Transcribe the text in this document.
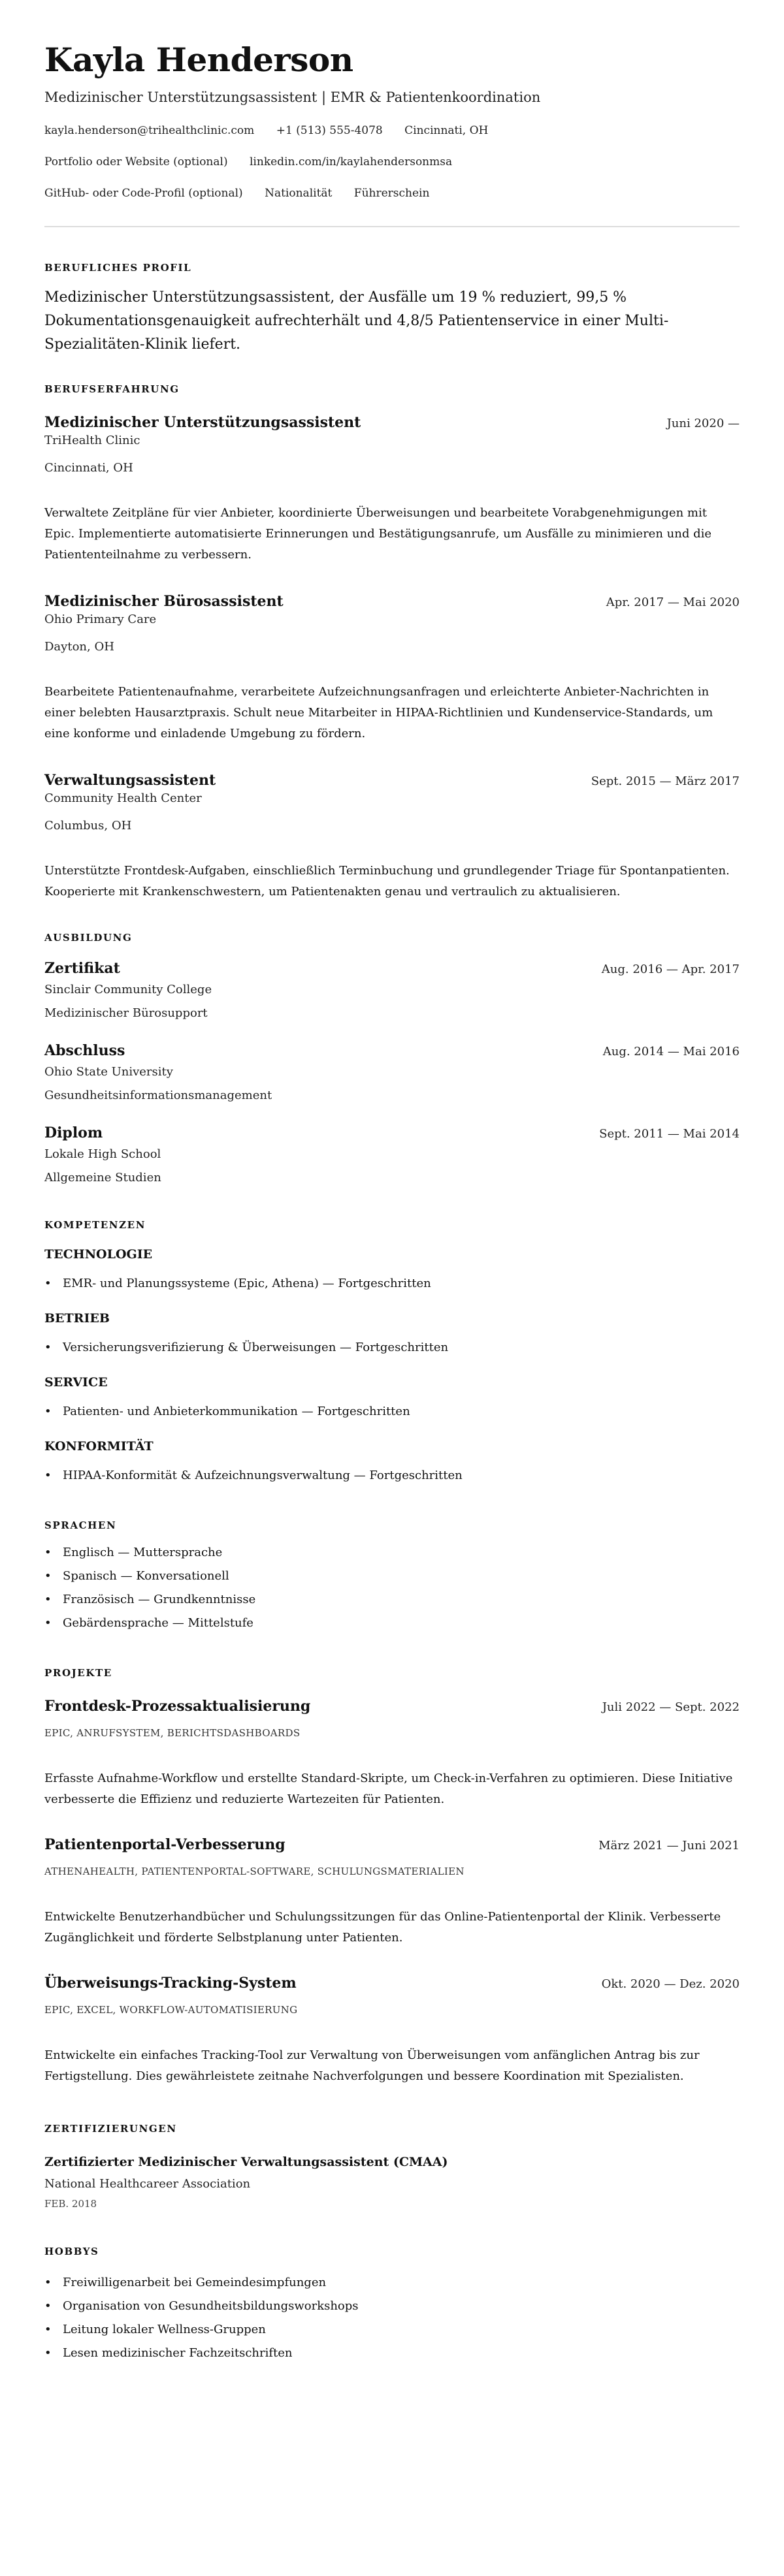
Kayla Henderson
Medizinischer Unterstützungsassistent | EMR & Patientenkoordination
kayla.henderson@trihealthclinic.com +1 (513) 555-4078 Cincinnati, OH
Portfolio oder Website (optional) linkedin.com/in/kaylahendersonmsa
GitHub- oder Code-Profil (optional) Nationalität Führerschein
BERUFLICHES PROFIL

Medizinischer Unterstützungsassistent, der Ausfälle um 19 % reduziert, 99,5 % Dokumentationsgenauigkeit aufrechterhält und 4,8/5 Patientenservice in einer Multi-Spezialitäten-Klinik liefert.

BERUFSERFAHRUNG
Medizinischer Unterstützungsassistent	Juni 2020 —
TriHealth Clinic
Cincinnati, OH

Verwaltete Zeitpläne für vier Anbieter, koordinierte Überweisungen und bearbeitete Vorabgenehmigungen mit Epic. Implementierte automatisierte Erinnerungen und Bestätigungsanrufe, um Ausfälle zu minimieren und die Patiententeilnahme zu verbessern.

Medizinischer Bürosassistent	Apr. 2017 — Mai 2020
Ohio Primary Care
Dayton, OH

Bearbeitete Patientenaufnahme, verarbeitete Aufzeichnungsanfragen und erleichterte Anbieter-Nachrichten in einer belebten Hausarztpraxis. Schult neue Mitarbeiter in HIPAA-Richtlinien und Kundenservice-Standards, um eine konforme und einladende Umgebung zu fördern.

Verwaltungsassistent	Sept. 2015 — März 2017
Community Health Center
Columbus, OH

Unterstützte Frontdesk-Aufgaben, einschließlich Terminbuchung und grundlegender Triage für Spontanpatienten. Kooperierte mit Krankenschwestern, um Patientenakten genau und vertraulich zu aktualisieren.

AUSBILDUNG
Zertifikat	Aug. 2016 — Apr. 2017
Sinclair Community College
Medizinischer Bürosupport
Abschluss	Aug. 2014 — Mai 2016
Ohio State University
Gesundheitsinformationsmanagement
Diplom	Sept. 2011 — Mai 2014
Lokale High School
Allgemeine Studien
KOMPETENZEN
TECHNOLOGIE
• EMR- und Planungssysteme (Epic, Athena) — Fortgeschritten
BETRIEB
• Versicherungsverifizierung & Überweisungen — Fortgeschritten
SERVICE
• Patienten- und Anbieterkommunikation — Fortgeschritten
KONFORMITÄT
• HIPAA-Konformität & Aufzeichnungsverwaltung — Fortgeschritten
SPRACHEN
• Englisch — Muttersprache
• Spanisch — Konversationell
• Französisch — Grundkenntnisse
• Gebärdensprache — Mittelstufe
PROJEKTE
Frontdesk-Prozessaktualisierung	Juli 2022 — Sept. 2022
EPIC, ANRUFSYSTEM, BERICHTSDASHBOARDS

Erfasste Aufnahme-Workflow und erstellte Standard-Skripte, um Check-in-Verfahren zu optimieren. Diese Initiative verbesserte die Effizienz und reduzierte Wartezeiten für Patienten.

Patientenportal-Verbesserung	März 2021 — Juni 2021
ATHENAHEALTH, PATIENTENPORTAL-SOFTWARE, SCHULUNGSMATERIALIEN

Entwickelte Benutzerhandbücher und Schulungssitzungen für das Online-Patientenportal der Klinik. Verbesserte Zugänglichkeit und förderte Selbstplanung unter Patienten.

Überweisungs-Tracking-System	Okt. 2020 — Dez. 2020
EPIC, EXCEL, WORKFLOW-AUTOMATISIERUNG

Entwickelte ein einfaches Tracking-Tool zur Verwaltung von Überweisungen vom anfänglichen Antrag bis zur Fertigstellung. Dies gewährleistete zeitnahe Nachverfolgungen und bessere Koordination mit Spezialisten.

ZERTIFIZIERUNGEN
Zertifizierter Medizinischer Verwaltungsassistent (CMAA)
National Healthcareer Association
FEB. 2018
HOBBYS
• Freiwilligenarbeit bei Gemeindesimpfungen
• Organisation von Gesundheitsbildungsworkshops
• Leitung lokaler Wellness-Gruppen
• Lesen medizinischer Fachzeitschriften
